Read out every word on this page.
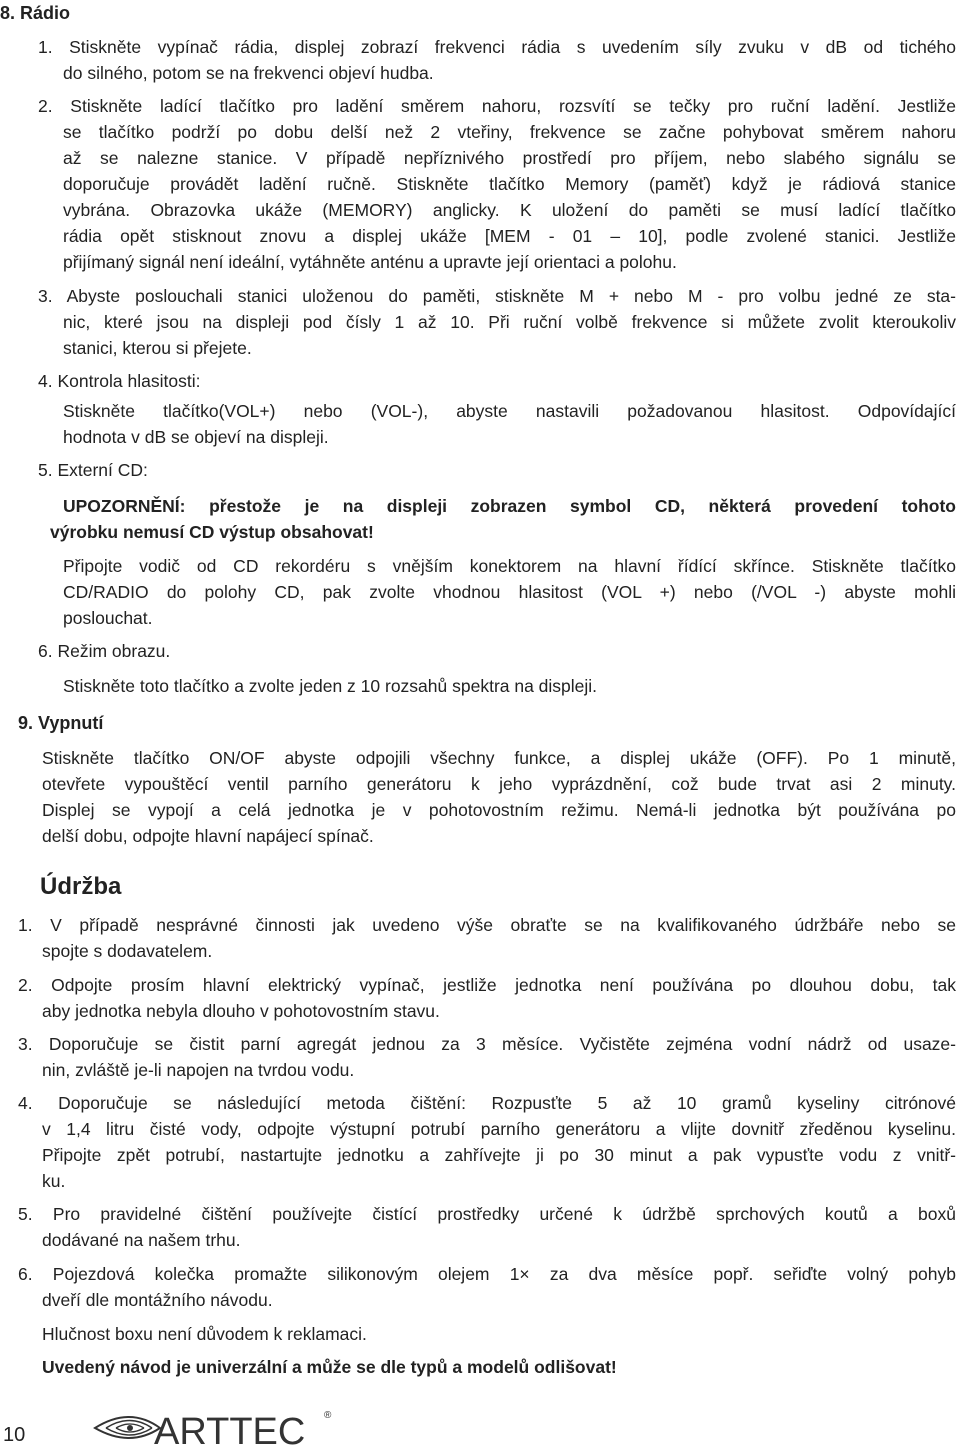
8. Rádio
1. Stiskněte vypínač rádia, displej zobrazí frekvenci rádia s uvedením síly zvuku v dB od tichého
do silného, potom se na frekvenci objeví hudba.
2. Stiskněte ladící tlačítko pro ladění směrem nahoru, rozsvítí se tečky pro ruční ladění. Jestliže
se tlačítko podrží po dobu delší než 2 vteřiny, frekvence se začne pohybovat směrem nahoru
až se nalezne stanice. V případě nepříznivého prostředí pro příjem, nebo slabého signálu se
doporučuje provádět ladění ručně. Stiskněte tlačítko Memory (paměť) když je rádiová stanice
vybrána. Obrazovka ukáže (MEMORY) anglicky. K uložení do paměti se musí ladící tlačítko
rádia opět stisknout znovu a displej ukáže [MEM - 01 – 10], podle zvolené stanici. Jestliže
přijímaný signál není ideální, vytáhněte anténu a upravte její orientaci a polohu.
3. Abyste poslouchali stanici uloženou do paměti, stiskněte M + nebo M - pro volbu jedné ze sta-
nic, které jsou na displeji pod čísly 1 až 10. Při ruční volbě frekvence si můžete zvolit kteroukoliv
stanici, kterou si přejete.
4. Kontrola hlasitosti:
Stiskněte tlačítko(VOL+) nebo (VOL-), abyste nastavili požadovanou hlasitost. Odpovídající
hodnota v dB se objeví na displeji.
5. Externí CD:
UPOZORNĚNÍ: přestože je na displeji zobrazen symbol CD, některá provedení tohoto
výrobku nemusí CD výstup obsahovat!
Připojte vodič od CD rekordéru s vnějším konektorem na hlavní řídící skřínce. Stiskněte tlačítko
CD/RADIO do polohy CD, pak zvolte vhodnou hlasitost (VOL +) nebo (/VOL -) abyste mohli
poslouchat.
6. Režim obrazu.
Stiskněte toto tlačítko a zvolte jeden z 10 rozsahů spektra na displeji.
9. Vypnutí
Stiskněte tlačítko ON/OF abyste odpojili všechny funkce, a displej ukáže (OFF). Po 1 minutě,
otevřete vypouštěcí ventil parního generátoru k jeho vyprázdnění, což bude trvat asi 2 minuty.
Displej se vypojí a celá jednotka je v pohotovostním režimu. Nemá-li jednotka být používána po
delší dobu, odpojte hlavní napájecí spínač.
Údržba
1. V případě nesprávné činnosti jak uvedeno výše obraťte se na kvalifikovaného údržbáře nebo se
spojte s dodavatelem.
2. Odpojte prosím hlavní elektrický vypínač, jestliže jednotka není používána po dlouhou dobu, tak
aby jednotka nebyla dlouho v pohotovostním stavu.
3. Doporučuje se čistit parní agregát jednou za 3 měsíce. Vyčistěte zejména vodní nádrž od usaze-
nin, zvláště je-li napojen na tvrdou vodu.
4. Doporučuje se následující metoda čištění: Rozpusťte 5 až 10 gramů kyseliny citrónové
v 1,4 litru čisté vody, odpojte výstupní potrubí parního generátoru a vlijte dovnitř zředěnou kyselinu.
Připojte zpět potrubí, nastartujte jednotku a zahřívejte ji po 30 minut a pak vypusťte vodu z vnitř-
ku.
5. Pro pravidelné čištění používejte čistící prostředky určené k údržbě sprchových koutů a boxů
dodávané na našem trhu.
6. Pojezdová kolečka promažte silikonovým olejem 1× za dva měsíce popř. seřiďte volný pohyb
dveří dle montážního návodu.
Hlučnost boxu není důvodem k reklamaci.
Uvedený návod je univerzální a může se dle typů a modelů odlišovat!
10	ARTTEC ®
